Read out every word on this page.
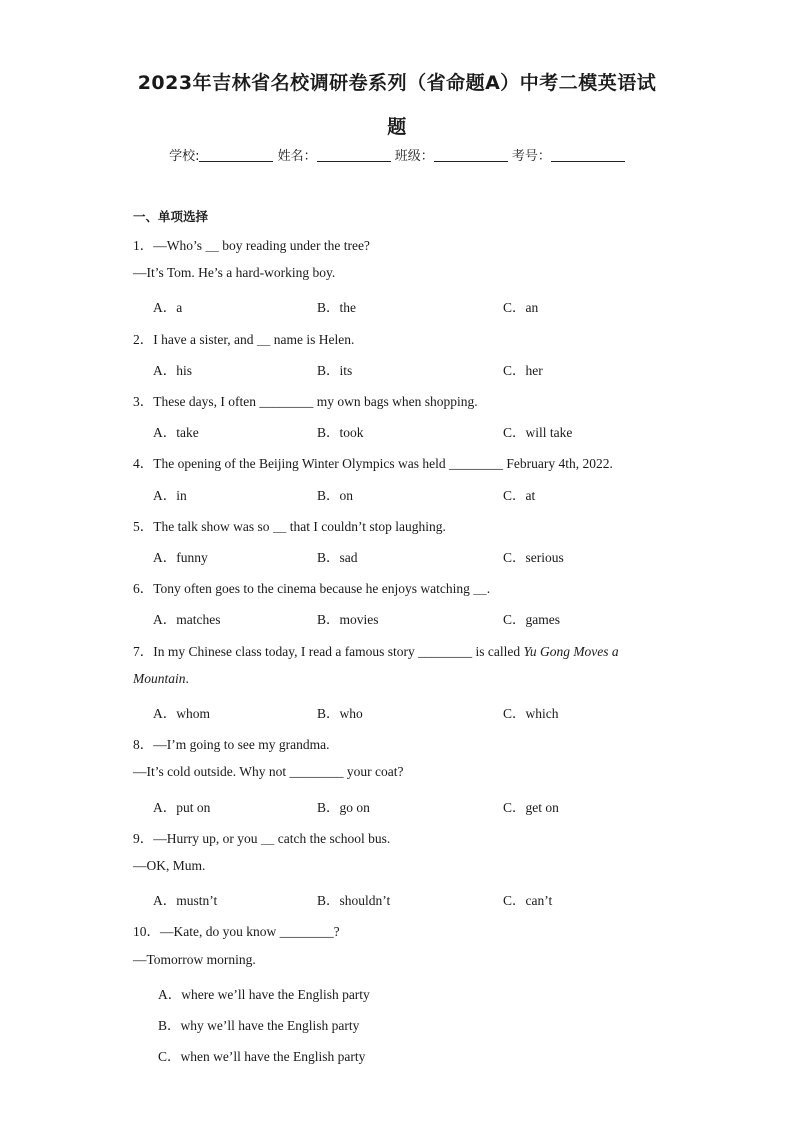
2023年吉林省名校调研卷系列（省命题A）中考二模英语试
题
学校:	姓名：	班级：	考号：
一、单项选择
1．—Who’s ＿ boy reading under the tree?
—It’s Tom. He’s a hard-working boy.
A．a	B．the	C．an
2．I have a sister, and ＿ name is Helen.
A．his	B．its	C．her
3．These days, I often ________ my own bags when shopping.
A．take	B．took	C．will take
4．The opening of the Beijing Winter Olympics was held ________ February 4th, 2022.
A．in	B．on	C．at
5．The talk show was so ＿ that I couldn’t stop laughing.
A．funny	B．sad	C．serious
6．Tony often goes to the cinema because he enjoys watching ＿.
A．matches	B．movies	C．games
7．In my Chinese class today, I read a famous story ________ is called Yu Gong Moves a
Mountain.
A．whom	B．who	C．which
8．—I’m going to see my grandma.
—It’s cold outside. Why not ________ your coat?
A．put on	B．go on	C．get on
9．—Hurry up, or you ＿ catch the school bus.
—OK, Mum.
A．mustn’t	B．shouldn’t	C．can’t
10．—Kate, do you know ________?
—Tomorrow morning.
A．where we’ll have the English party
B．why we’ll have the English party
C．when we’ll have the English party
